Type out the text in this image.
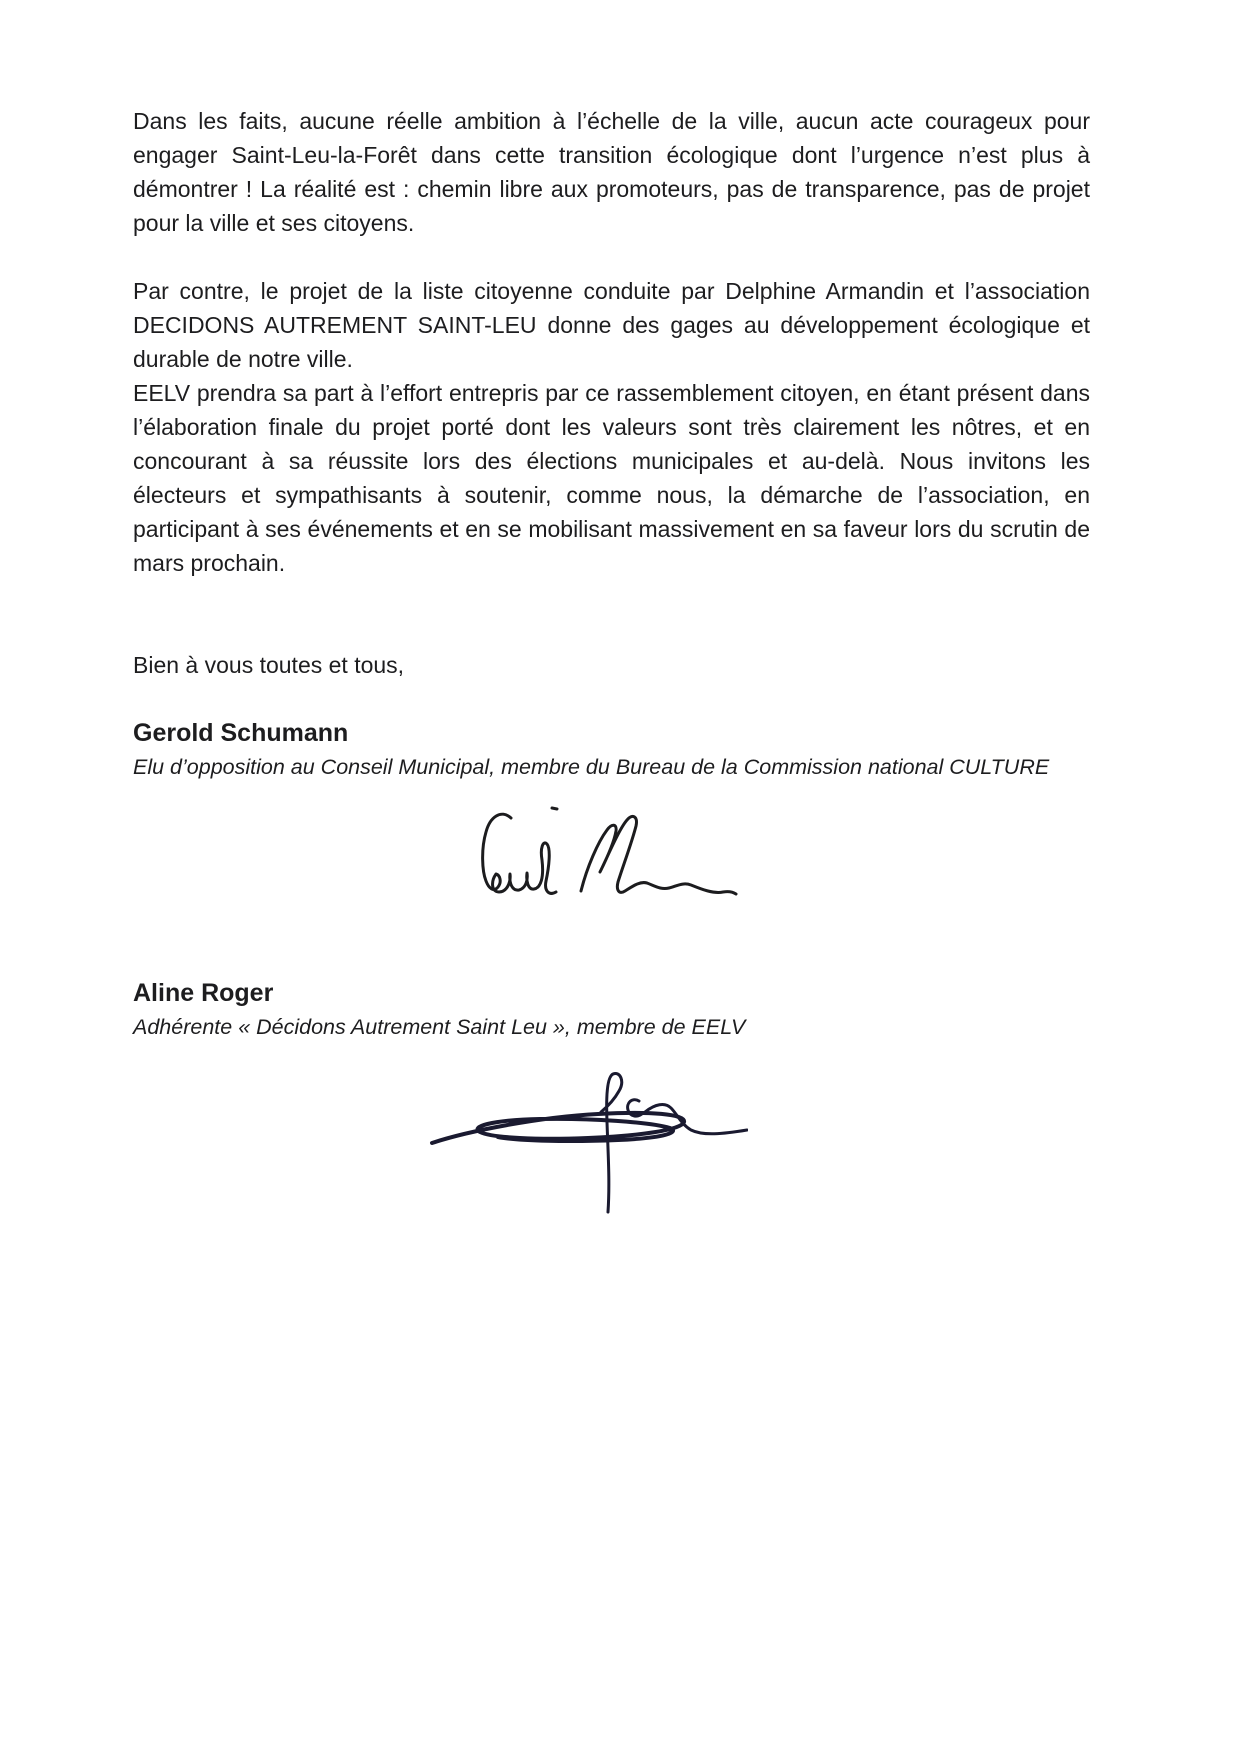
Dans les faits, aucune réelle ambition à l’échelle de la ville, aucun acte courageux pour engager Saint-Leu-la-Forêt dans cette transition écologique dont l’urgence n’est plus à démontrer ! La réalité est : chemin libre aux promoteurs, pas de transparence, pas de projet pour la ville et ses citoyens.

Par contre, le projet de la liste citoyenne conduite par Delphine Armandin et l’association DECIDONS AUTREMENT SAINT-LEU donne des gages au développement écologique et durable de notre ville.

EELV prendra sa part à l’effort entrepris par ce rassemblement citoyen, en étant présent dans l’élaboration finale du projet porté dont les valeurs sont très clairement les nôtres, et en concourant à sa réussite lors des élections municipales et au-delà. Nous invitons les électeurs et sympathisants à soutenir, comme nous, la démarche de l’association, en participant à ses événements et en se mobilisant massivement en sa faveur lors du scrutin de mars prochain.

Bien à vous toutes et tous,

Gerold Schumann

Elu d’opposition au Conseil Municipal, membre du Bureau de la Commission national CULTURE

Aline Roger

Adhérente « Décidons Autrement Saint Leu », membre de EELV
